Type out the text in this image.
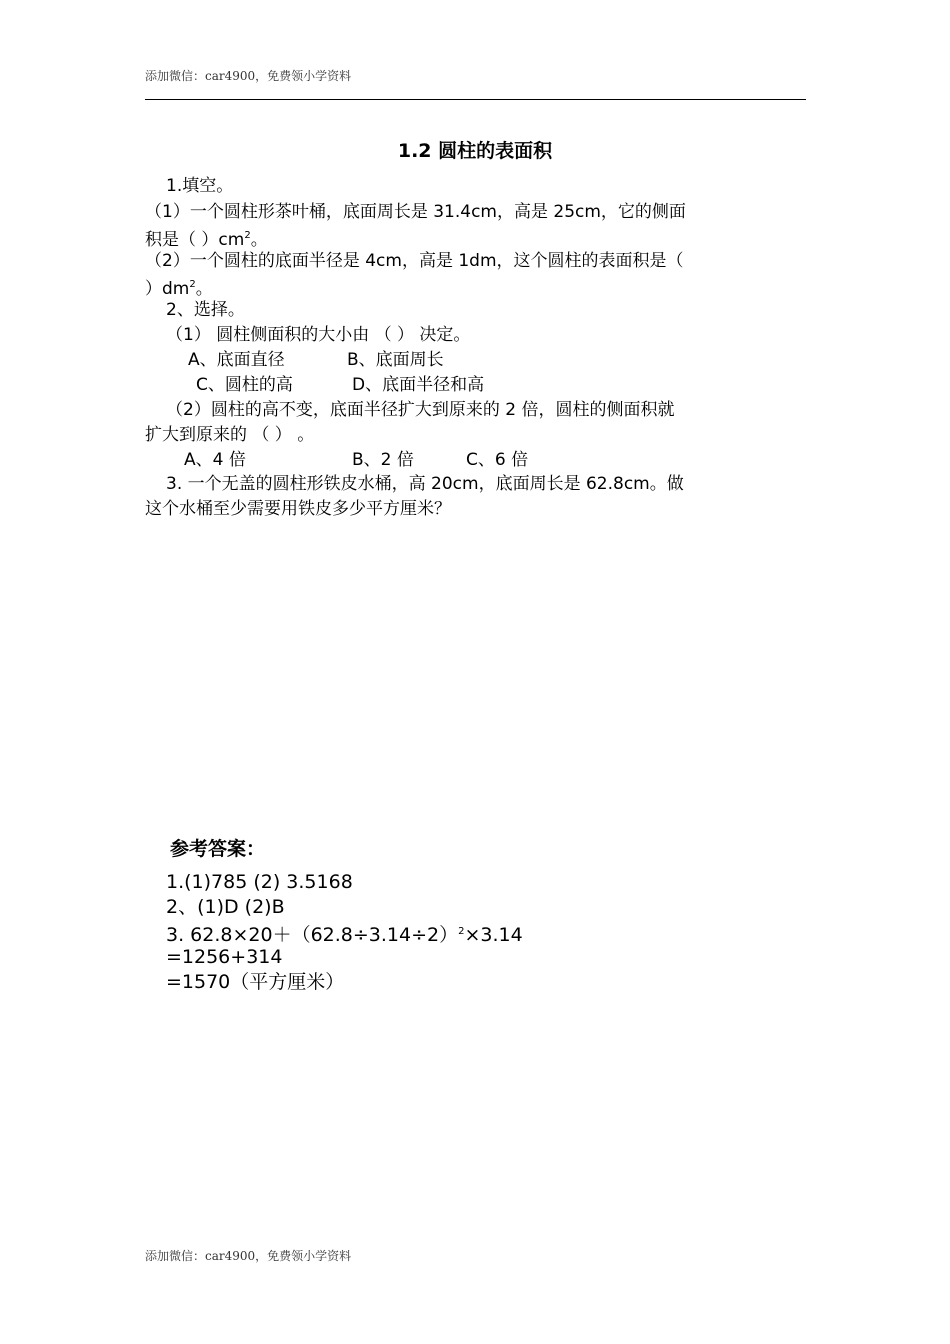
添加微信：car4900，免费领小学资料
1.2 圆柱的表面积
1.填空。
（1）一个圆柱形茶叶桶，底面周长是 31.4cm，高是 25cm，它的侧面
积是（ ）$cm^2$。
（2）一个圆柱的底面半径是 4cm，高是 1dm，这个圆柱的表面积是（
）$dm^2$。
2、选择。
（1） 圆柱侧面积的大小由 （ ） 决定。
A、底面直径	B、底面周长
C、圆柱的高	D、底面半径和高
（2）圆柱的高不变，底面半径扩大到原来的 2 倍，圆柱的侧面积就
扩大到原来的 （ ） 。
A、4 倍	B、2 倍	C、6 倍
3. 一个无盖的圆柱形铁皮水桶，高 20cm，底面周长是 62.8cm。做
这个水桶至少需要用铁皮多少平方厘米？
参考答案：
1.(1)785 (2) 3.5168
2、(1)D (2)B
3. $62.8\times 20+(62.8\div 3.14\div 2)^2\times 3.14$
=1256+314
=1570（平方厘米）
添加微信：car4900，免费领小学资料
